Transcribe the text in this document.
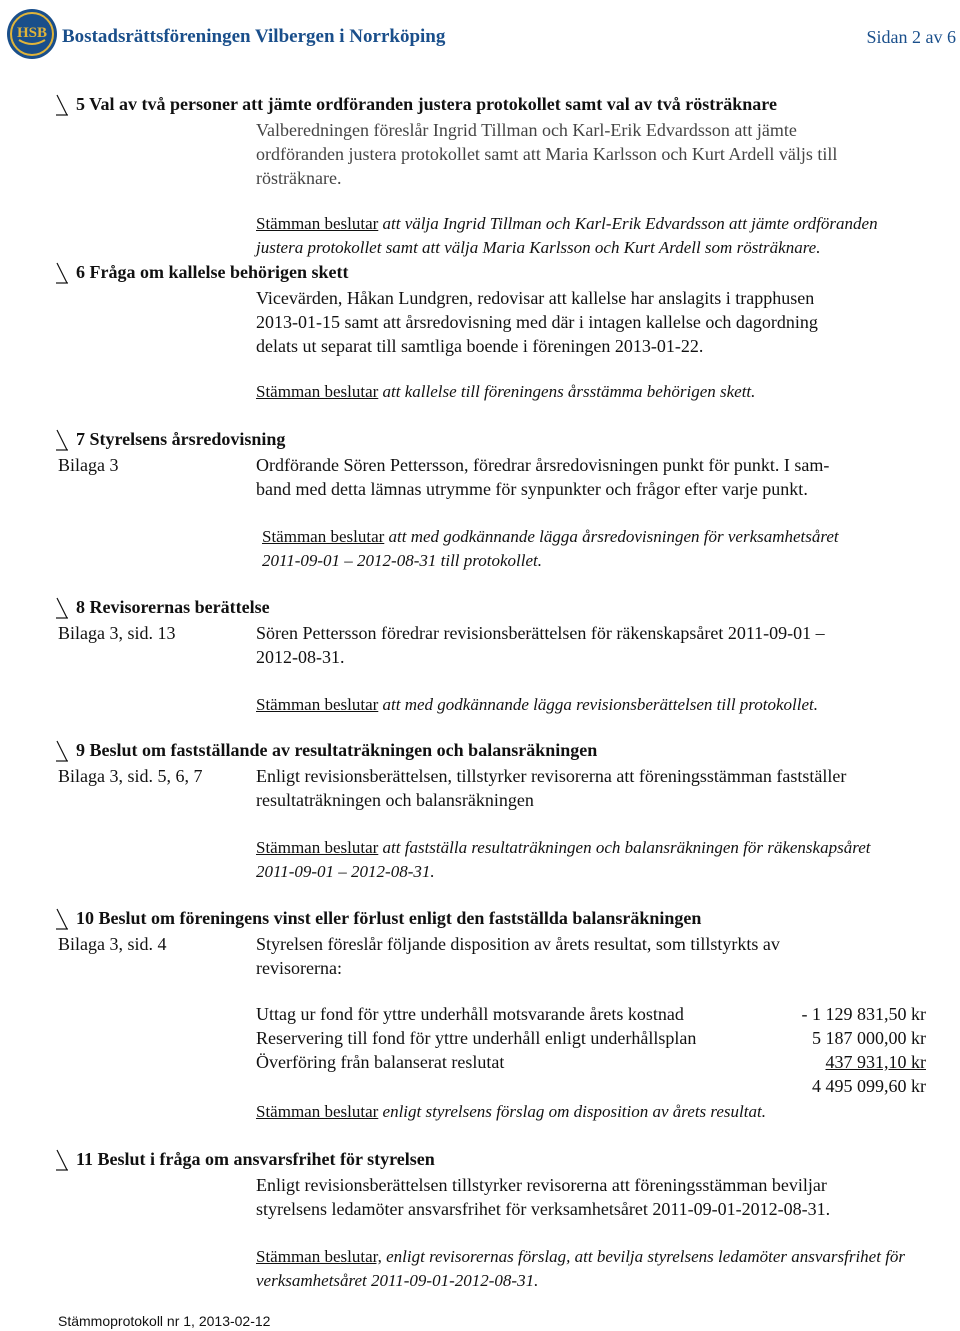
HSB Bostadsrättsföreningen Vilbergen i Norrköping	Sidan 2 av 6
5 Val av två personer att jämte ordföranden justera protokollet samt val av två rösträknare
Valberedningen föreslår Ingrid Tillman och Karl-Erik Edvardsson att jämte
ordföranden justera protokollet samt att Maria Karlsson och Kurt Ardell väljs till
rösträknare.
Stämman beslutar att välja Ingrid Tillman och Karl-Erik Edvardsson att jämte ordföranden
justera protokollet samt att välja Maria Karlsson och Kurt Ardell som rösträknare.
6 Fråga om kallelse behörigen skett
Vicevärden, Håkan Lundgren, redovisar att kallelse har anslagits i trapphusen
2013-01-15 samt att årsredovisning med där i intagen kallelse och dagordning
delats ut separat till samtliga boende i föreningen 2013-01-22.
Stämman beslutar att kallelse till föreningens årsstämma behörigen skett.
7 Styrelsens årsredovisning
Bilaga 3	Ordförande Sören Pettersson, föredrar årsredovisningen punkt för punkt. I sam-
band med detta lämnas utrymme för synpunkter och frågor efter varje punkt.
Stämman beslutar att med godkännande lägga årsredovisningen för verksamhetsåret
2011-09-01 – 2012-08-31 till protokollet.
8 Revisorernas berättelse
Bilaga 3, sid. 13	Sören Pettersson föredrar revisionsberättelsen för räkenskapsåret 2011-09-01 –
2012-08-31.
Stämman beslutar att med godkännande lägga revisionsberättelsen till protokollet.
9 Beslut om fastställande av resultaträkningen och balansräkningen
Bilaga 3, sid. 5, 6, 7	Enligt revisionsberättelsen, tillstyrker revisorerna att föreningsstämman fastställer
resultaträkningen och balansräkningen
Stämman beslutar att fastställa resultaträkningen och balansräkningen för räkenskapsåret
2011-09-01 – 2012-08-31.
10 Beslut om föreningens vinst eller förlust enligt den fastställda balansräkningen
Bilaga 3, sid. 4	Styrelsen föreslår följande disposition av årets resultat, som tillstyrkts av
revisorerna:
Uttag ur fond för yttre underhåll motsvarande årets kostnad	- 1 129 831,50 kr
Reservering till fond för yttre underhåll enligt underhållsplan	5 187 000,00 kr
Överföring från balanserat reslutat	437 931,10 kr
4 495 099,60 kr
Stämman beslutar enligt styrelsens förslag om disposition av årets resultat.
11 Beslut i fråga om ansvarsfrihet för styrelsen
Enligt revisionsberättelsen tillstyrker revisorerna att föreningsstämman beviljar
styrelsens ledamöter ansvarsfrihet för verksamhetsåret 2011-09-01-2012-08-31.
Stämman beslutar, enligt revisorernas förslag, att bevilja styrelsens ledamöter ansvarsfrihet för
verksamhetsåret 2011-09-01-2012-08-31.
Stämmoprotokoll nr 1, 2013-02-12
